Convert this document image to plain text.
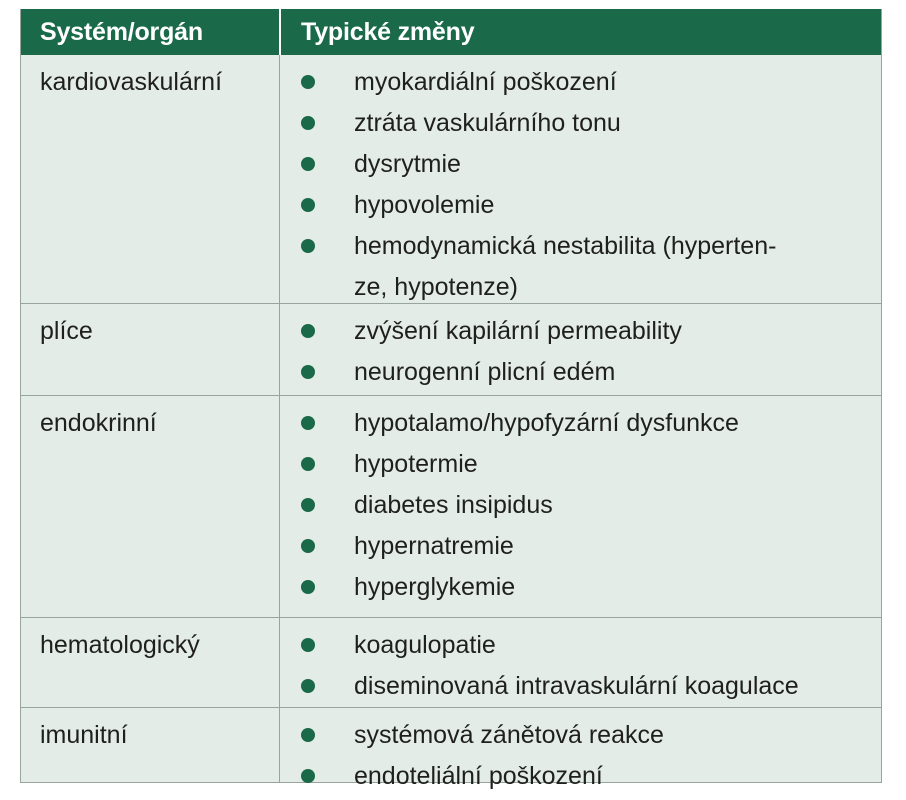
Systém/orgán	Typické změny
kardiovaskulární	myokardiální poškození
ztráta vaskulárního tonu
dysrytmie
hypovolemie
hemodynamická nestabilita (hyperten-
ze, hypotenze)
plíce	zvýšení kapilární permeability
neurogenní plicní edém
endokrinní	hypotalamo/hypofyzární dysfunkce
hypotermie
diabetes insipidus
hypernatremie
hyperglykemie
hematologický	koagulopatie
diseminovaná intravaskulární koagulace
imunitní	systémová zánětová reakce
endoteliální poškození
